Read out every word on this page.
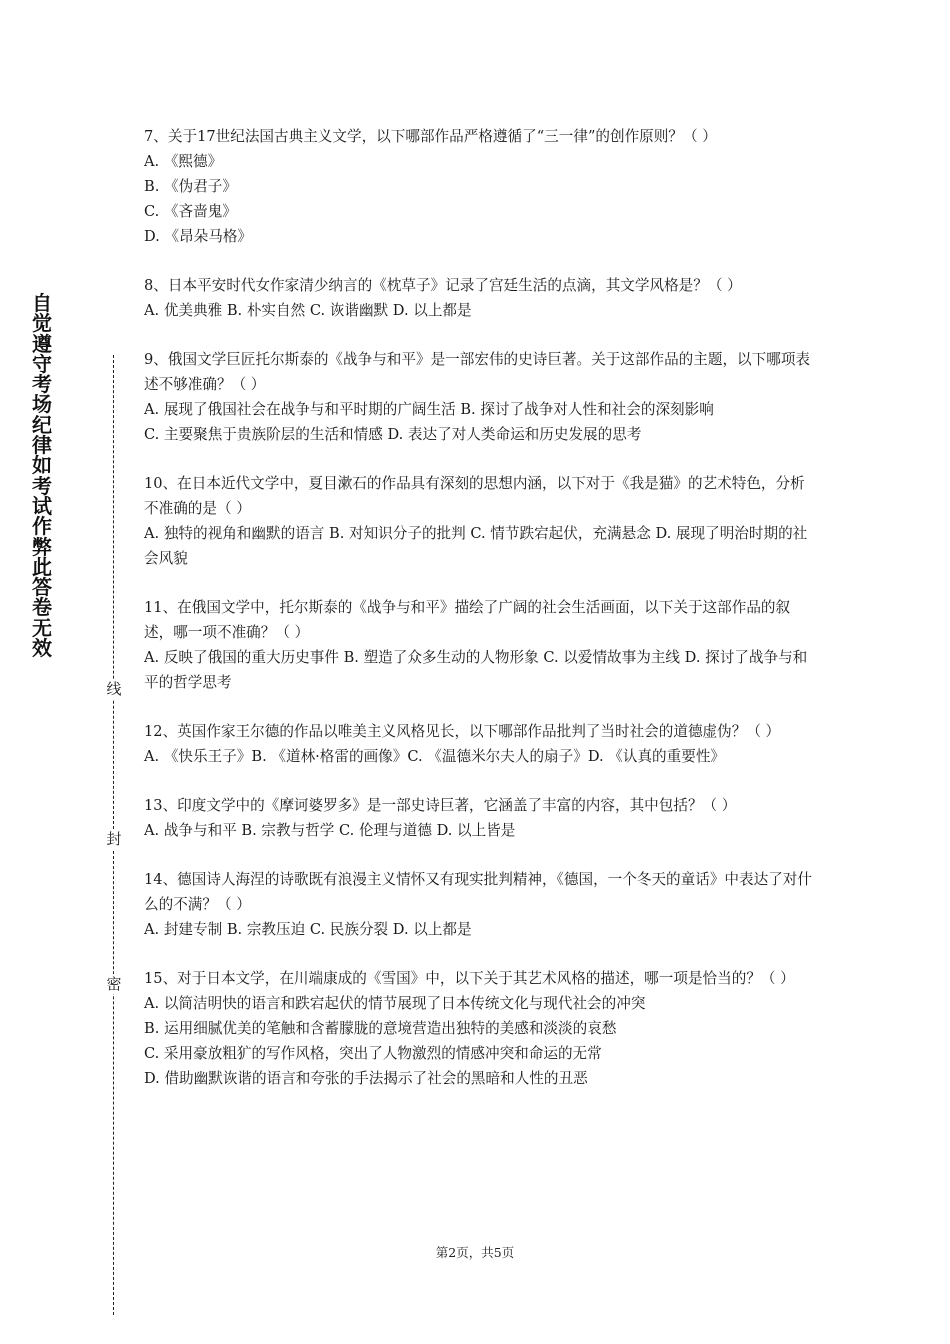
自觉遵守考场纪律如考试作弊此答卷无效
线
封
密

7、关于17世纪法国古典主义文学，以下哪部作品严格遵循了“三一律”的创作原则？（ ）

A. 《熙德》

B. 《伪君子》

C. 《吝啬鬼》

D. 《昂朵马格》

8、日本平安时代女作家清少纳言的《枕草子》记录了宫廷生活的点滴，其文学风格是？（ ）

A. 优美典雅 B. 朴实自然 C. 诙谐幽默 D. 以上都是

9、俄国文学巨匠托尔斯泰的《战争与和平》是一部宏伟的史诗巨著。关于这部作品的主题，以下哪项表述不够准确？（ ）

A. 展现了俄国社会在战争与和平时期的广阔生活 B. 探讨了战争对人性和社会的深刻影响

C. 主要聚焦于贵族阶层的生活和情感 D. 表达了对人类命运和历史发展的思考

10、在日本近代文学中，夏目漱石的作品具有深刻的思想内涵，以下对于《我是猫》的艺术特色，分析不准确的是（ ）

A. 独特的视角和幽默的语言 B. 对知识分子的批判 C. 情节跌宕起伏，充满悬念 D. 展现了明治时期的社会风貌

11、在俄国文学中，托尔斯泰的《战争与和平》描绘了广阔的社会生活画面，以下关于这部作品的叙述，哪一项不准确？（ ）

A. 反映了俄国的重大历史事件 B. 塑造了众多生动的人物形象 C. 以爱情故事为主线 D. 探讨了战争与和平的哲学思考

12、英国作家王尔德的作品以唯美主义风格见长，以下哪部作品批判了当时社会的道德虚伪？（ ）

A. 《快乐王子》B. 《道林·格雷的画像》C. 《温德米尔夫人的扇子》D. 《认真的重要性》

13、印度文学中的《摩诃婆罗多》是一部史诗巨著，它涵盖了丰富的内容，其中包括？（ ）

A. 战争与和平 B. 宗教与哲学 C. 伦理与道德 D. 以上皆是

14、德国诗人海涅的诗歌既有浪漫主义情怀又有现实批判精神，《德国，一个冬天的童话》中表达了对什么的不满？（ ）

A. 封建专制 B. 宗教压迫 C. 民族分裂 D. 以上都是

15、对于日本文学，在川端康成的《雪国》中，以下关于其艺术风格的描述，哪一项是恰当的？（ ）

A. 以简洁明快的语言和跌宕起伏的情节展现了日本传统文化与现代社会的冲突

B. 运用细腻优美的笔触和含蓄朦胧的意境营造出独特的美感和淡淡的哀愁

C. 采用豪放粗犷的写作风格，突出了人物激烈的情感冲突和命运的无常

D. 借助幽默诙谐的语言和夸张的手法揭示了社会的黑暗和人性的丑恶

第2页，共5页
